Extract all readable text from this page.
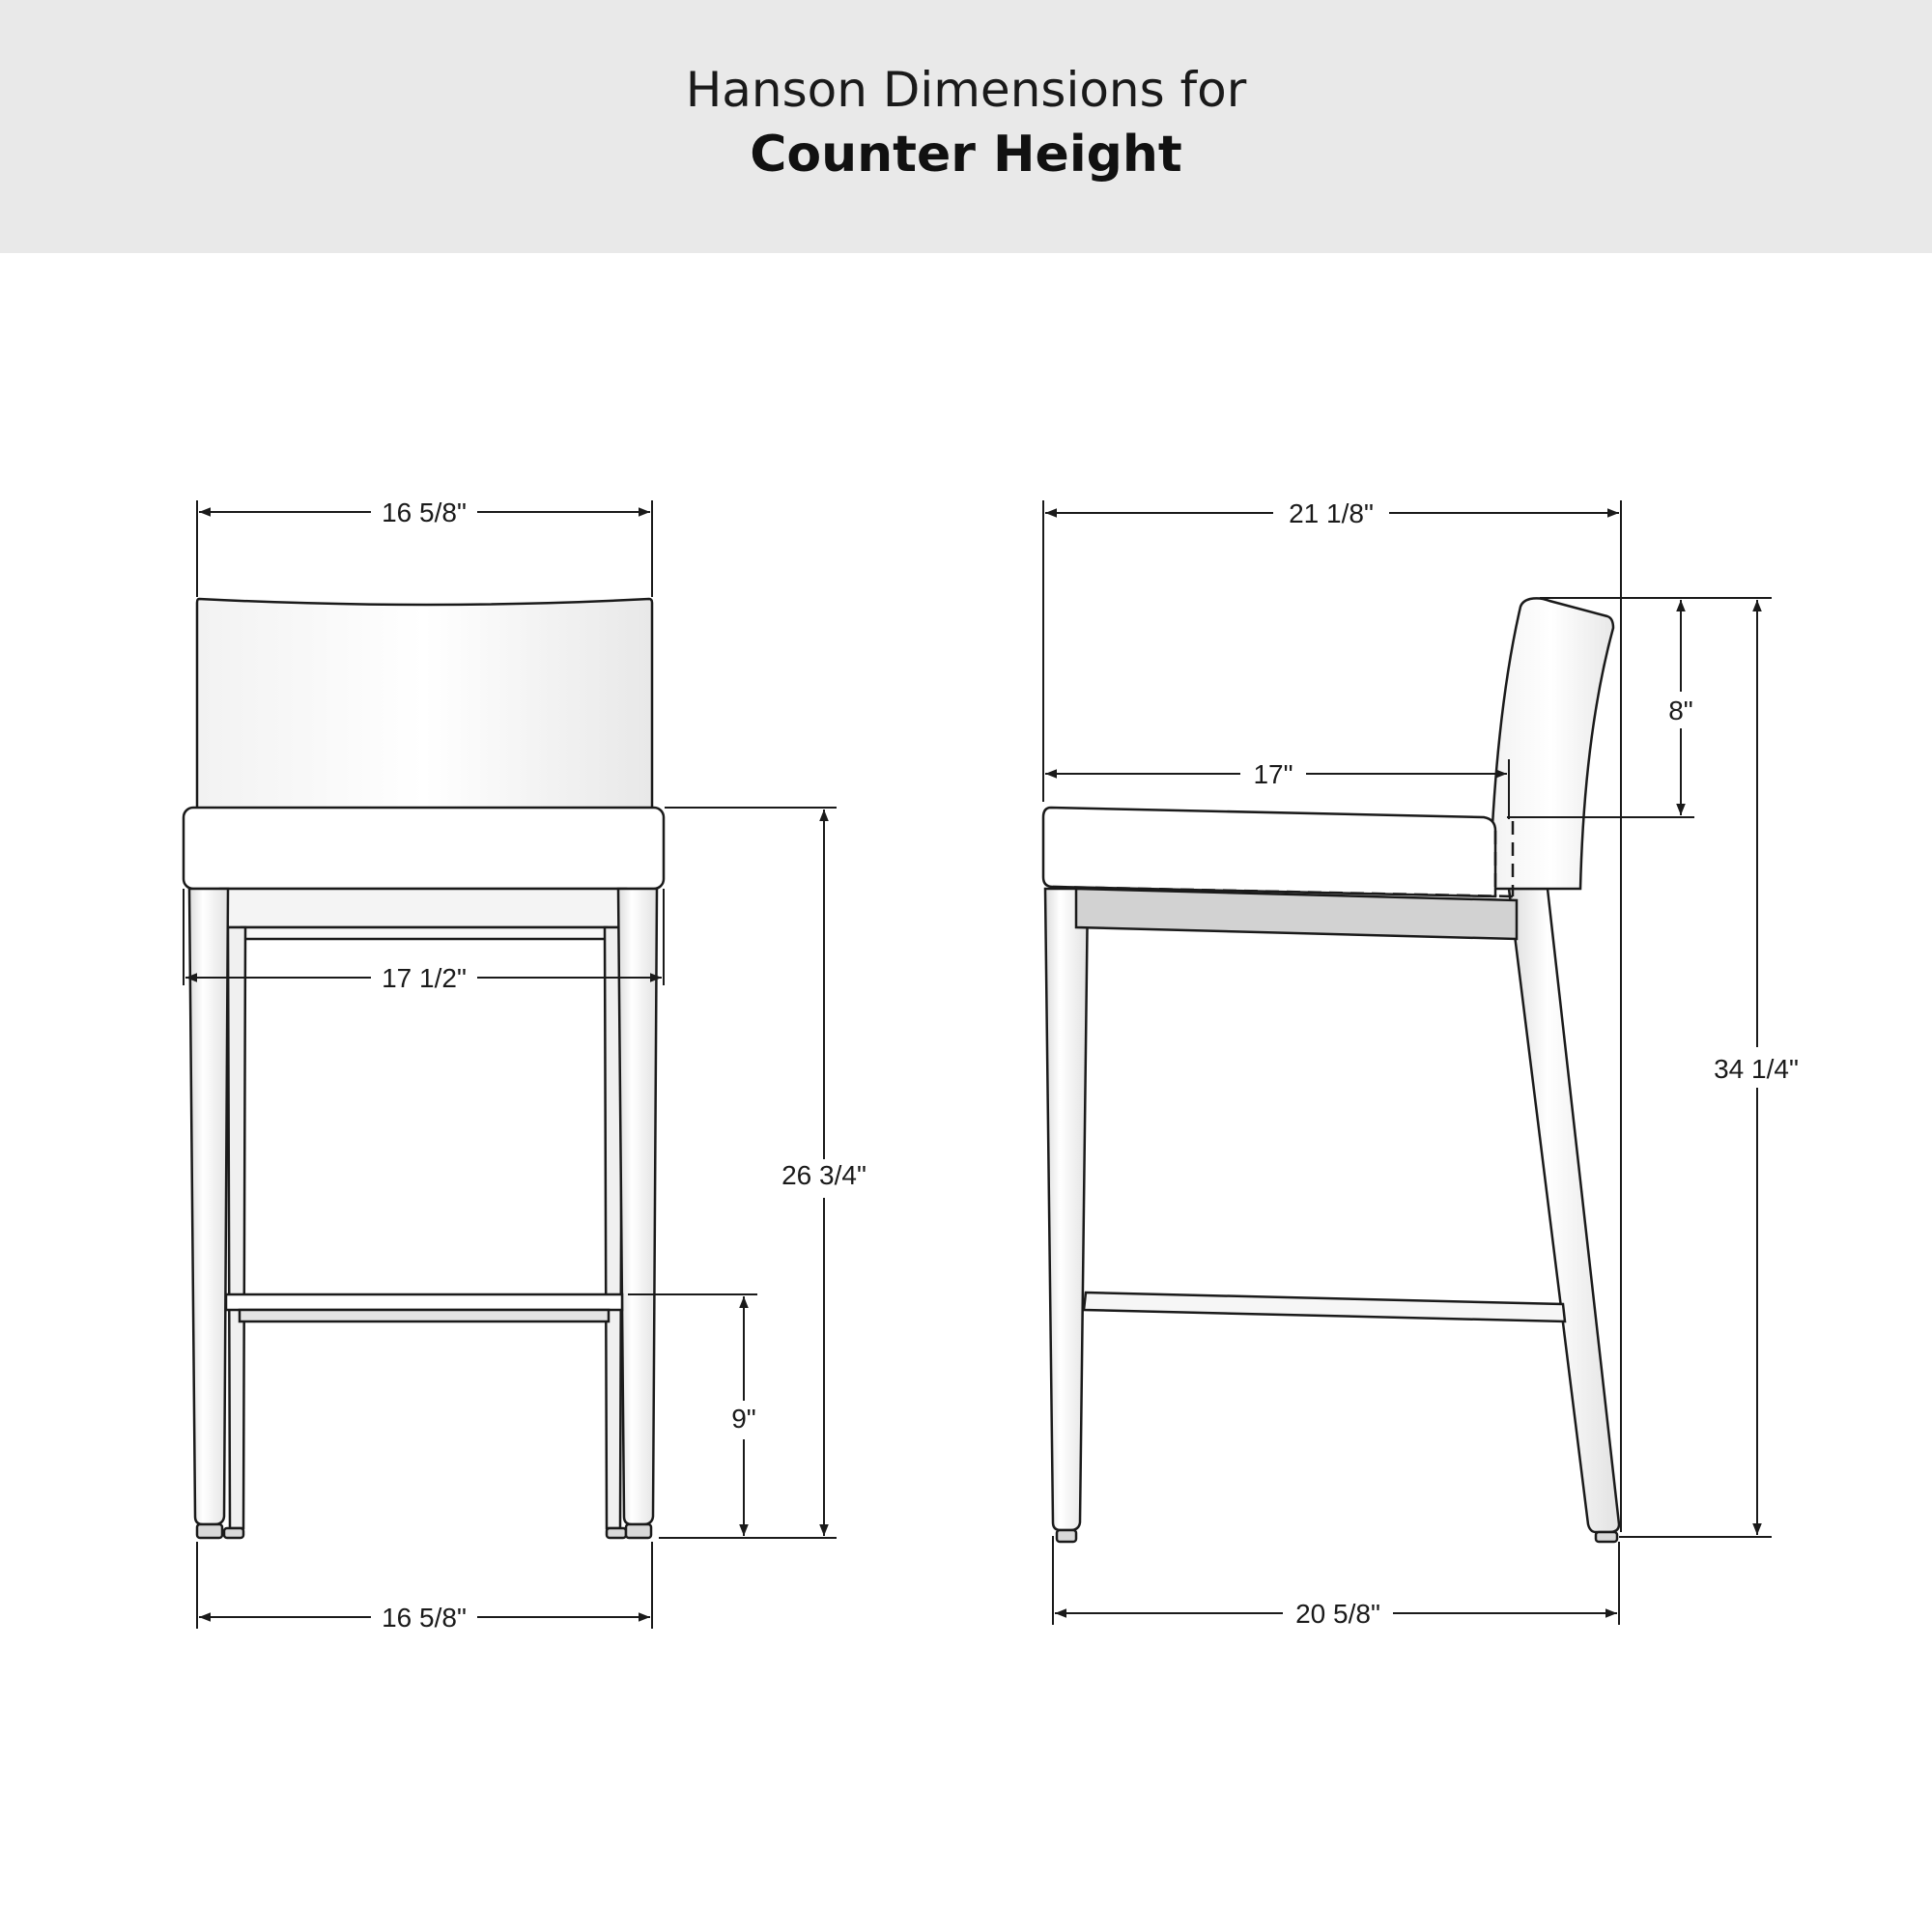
Hanson Dimensions for
Counter Height
16 5/8"
17 1/2"
26 3/4"
9"
16 5/8"
21 1/8"
17"
8"
34 1/4"
20 5/8"
